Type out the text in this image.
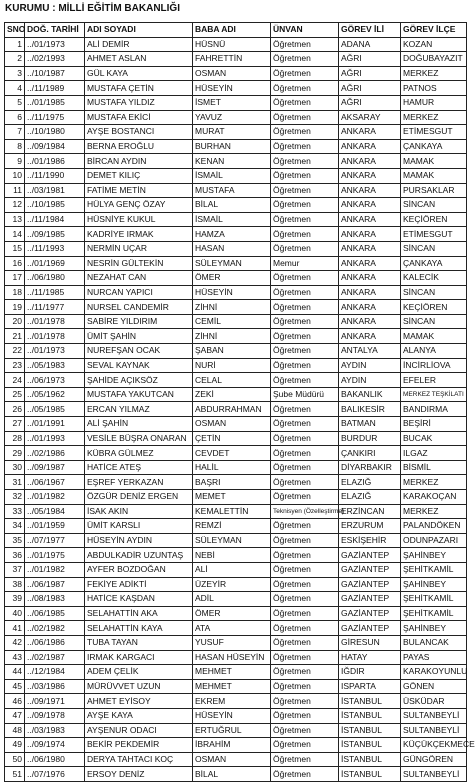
KURUMU : MİLLİ EĞİTİM BAKANLIĞI
SNO	DOĞ. TARİHİ	ADI SOYADI	BABA ADI	ÜNVAN	GÖREV İLİ	GÖREV İLÇE
1	../01/1973	ALİ DEMİR	HÜSNÜ	Öğretmen	ADANA	KOZAN
2	../02/1993	AHMET ASLAN	FAHRETTİN	Öğretmen	AĞRI	DOĞUBAYAZIT
3	../10/1987	GÜL KAYA	OSMAN	Öğretmen	AĞRI	MERKEZ
4	../11/1989	MUSTAFA ÇETİN	HÜSEYİN	Öğretmen	AĞRI	PATNOS
5	../01/1985	MUSTAFA YILDIZ	İSMET	Öğretmen	AĞRI	HAMUR
6	../11/1975	MUSTAFA EKİCİ	YAVUZ	Öğretmen	AKSARAY	MERKEZ
7	../10/1980	AYŞE BOSTANCI	MURAT	Öğretmen	ANKARA	ETİMESGUT
8	../09/1984	BERNA EROĞLU	BURHAN	Öğretmen	ANKARA	ÇANKAYA
9	../01/1986	BİRCAN AYDIN	KENAN	Öğretmen	ANKARA	MAMAK
10	../11/1990	DEMET KILIÇ	İSMAİL	Öğretmen	ANKARA	MAMAK
11	../03/1981	FATİME METİN	MUSTAFA	Öğretmen	ANKARA	PURSAKLAR
12	../10/1985	HÜLYA GENÇ ÖZAY	BİLAL	Öğretmen	ANKARA	SİNCAN
13	../11/1984	HÜSNİYE KUKUL	İSMAİL	Öğretmen	ANKARA	KEÇİÖREN
14	../09/1985	KADRİYE IRMAK	HAMZA	Öğretmen	ANKARA	ETİMESGUT
15	../11/1993	NERMİN UÇAR	HASAN	Öğretmen	ANKARA	SİNCAN
16	../01/1969	NESRİN GÜLTEKİN	SÜLEYMAN	Memur	ANKARA	ÇANKAYA
17	../06/1980	NEZAHAT CAN	ÖMER	Öğretmen	ANKARA	KALECİK
18	../11/1985	NURCAN YAPICI	HÜSEYİN	Öğretmen	ANKARA	SİNCAN
19	../11/1977	NURSEL CANDEMİR	ZİHNİ	Öğretmen	ANKARA	KEÇİÖREN
20	../01/1978	SABİRE YILDIRIM	CEMİL	Öğretmen	ANKARA	SİNCAN
21	../01/1978	ÜMİT ŞAHİN	ZİHNİ	Öğretmen	ANKARA	MAMAK
22	../01/1973	NUREFŞAN OCAK	ŞABAN	Öğretmen	ANTALYA	ALANYA
23	../05/1983	SEVAL KAYNAK	NURİ	Öğretmen	AYDIN	İNCİRLİOVA
24	../06/1973	ŞAHİDE AÇIKSÖZ	CELAL	Öğretmen	AYDIN	EFELER
25	../05/1962	MUSTAFA YAKUTCAN	ZEKİ	Şube Müdürü	BAKANLIK	MERKEZ TEŞKİLATI
26	../05/1985	ERCAN YILMAZ	ABDURRAHMAN	Öğretmen	BALIKESİR	BANDIRMA
27	../01/1991	ALİ ŞAHİN	OSMAN	Öğretmen	BATMAN	BEŞİRİ
28	../01/1993	VESİLE BÜŞRA ONARAN	ÇETİN	Öğretmen	BURDUR	BUCAK
29	../02/1986	KÜBRA GÜLMEZ	CEVDET	Öğretmen	ÇANKIRI	ILGAZ
30	../09/1987	HATİCE ATEŞ	HALİL	Öğretmen	DİYARBAKIR	BİSMİL
31	../06/1967	EŞREF YERKAZAN	BAŞRI	Öğretmen	ELAZIĞ	MERKEZ
32	../01/1982	ÖZGÜR DENİZ ERGEN	MEMET	Öğretmen	ELAZIĞ	KARAKOÇAN
33	../05/1984	İSAK AKIN	KEMALETTİN	Teknisyen (Özelleştirme)	ERZİNCAN	MERKEZ
34	../01/1959	ÜMİT KARSLI	REMZİ	Öğretmen	ERZURUM	PALANDÖKEN
35	../07/1977	HÜSEYİN AYDIN	SÜLEYMAN	Öğretmen	ESKİŞEHİR	ODUNPAZARI
36	../01/1975	ABDULKADİR UZUNTAŞ	NEBİ	Öğretmen	GAZİANTEP	ŞAHİNBEY
37	../01/1982	AYFER BOZDOĞAN	ALİ	Öğretmen	GAZİANTEP	ŞEHİTKAMİL
38	../06/1987	FEKİYE ADİKTİ	ÜZEYİR	Öğretmen	GAZİANTEP	ŞAHİNBEY
39	../08/1983	HATİCE KAŞDAN	ADİL	Öğretmen	GAZİANTEP	ŞEHİTKAMİL
40	../06/1985	SELAHATTİN AKA	ÖMER	Öğretmen	GAZİANTEP	ŞEHİTKAMİL
41	../02/1982	SELAHATTİN KAYA	ATA	Öğretmen	GAZİANTEP	ŞAHİNBEY
42	../06/1986	TUBA TAYAN	YUSUF	Öğretmen	GİRESUN	BULANCAK
43	../02/1987	IRMAK KARGACI	HASAN HÜSEYİN	Öğretmen	HATAY	PAYAS
44	../12/1984	ADEM ÇELİK	MEHMET	Öğretmen	IĞDIR	KARAKOYUNLU
45	../03/1986	MÜRÜVVET UZUN	MEHMET	Öğretmen	ISPARTA	GÖNEN
46	../09/1971	AHMET EYİSOY	EKREM	Öğretmen	İSTANBUL	ÜSKÜDAR
47	../09/1978	AYŞE KAYA	HÜSEYİN	Öğretmen	İSTANBUL	SULTANBEYLİ
48	../03/1983	AYŞENUR ODACI	ERTUĞRUL	Öğretmen	İSTANBUL	SULTANBEYLİ
49	../09/1974	BEKİR PEKDEMİR	İBRAHİM	Öğretmen	İSTANBUL	KÜÇÜKÇEKMECE
50	../06/1980	DERYA TAHTACI KOÇ	OSMAN	Öğretmen	İSTANBUL	GÜNGÖREN
51	../07/1976	ERSOY DENİZ	BİLAL	Öğretmen	İSTANBUL	SULTANBEYLİ
